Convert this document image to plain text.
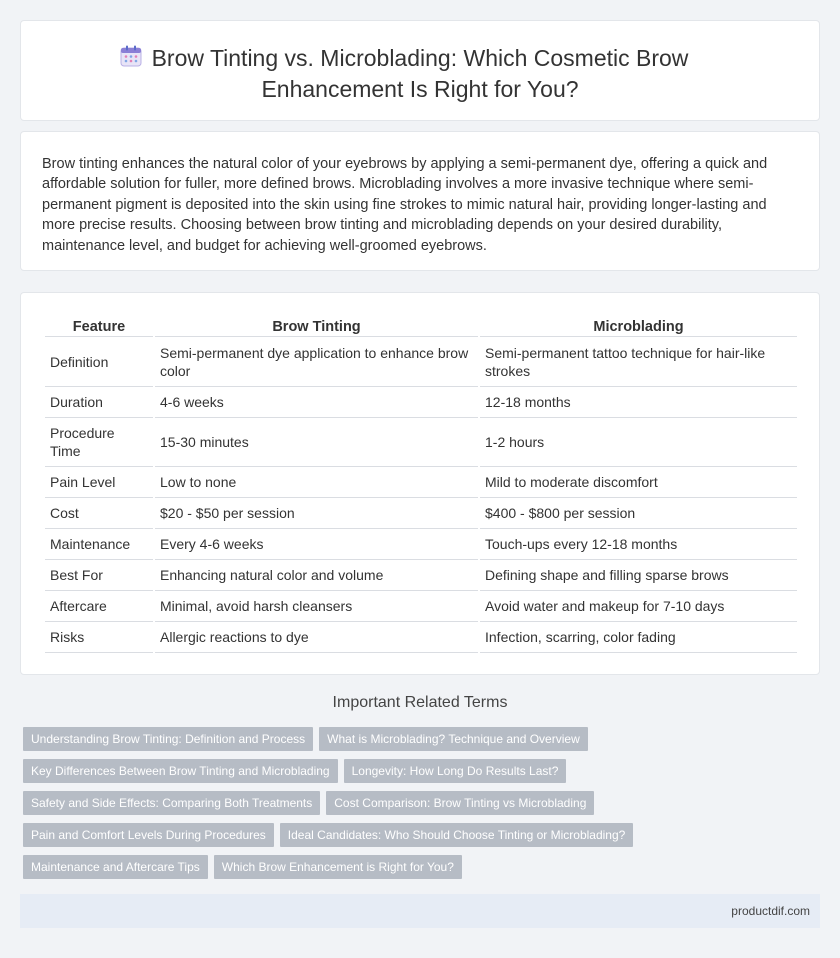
Brow Tinting vs. Microblading: Which Cosmetic Brow Enhancement Is Right for You?

Brow tinting enhances the natural color of your eyebrows by applying a semi-permanent dye, offering a quick and affordable solution for fuller, more defined brows. Microblading involves a more invasive technique where semi-permanent pigment is deposited into the skin using fine strokes to mimic natural hair, providing longer-lasting and more precise results. Choosing between brow tinting and microblading depends on your desired durability, maintenance level, and budget for achieving well-groomed eyebrows.

Feature	Brow Tinting	Microblading
Definition	Semi-permanent dye application to enhance brow color	Semi-permanent tattoo technique for hair-like strokes
Duration	4-6 weeks	12-18 months
Procedure Time	15-30 minutes	1-2 hours
Pain Level	Low to none	Mild to moderate discomfort
Cost	$20 - $50 per session	$400 - $800 per session
Maintenance	Every 4-6 weeks	Touch-ups every 12-18 months
Best For	Enhancing natural color and volume	Defining shape and filling sparse brows
Aftercare	Minimal, avoid harsh cleansers	Avoid water and makeup for 7-10 days
Risks	Allergic reactions to dye	Infection, scarring, color fading
Important Related Terms
Understanding Brow Tinting: Definition and Process	What is Microblading? Technique and Overview
Key Differences Between Brow Tinting and Microblading	Longevity: How Long Do Results Last?
Safety and Side Effects: Comparing Both Treatments	Cost Comparison: Brow Tinting vs Microblading
Pain and Comfort Levels During Procedures	Ideal Candidates: Who Should Choose Tinting or Microblading?
Maintenance and Aftercare Tips	Which Brow Enhancement is Right for You?
productdif.com
